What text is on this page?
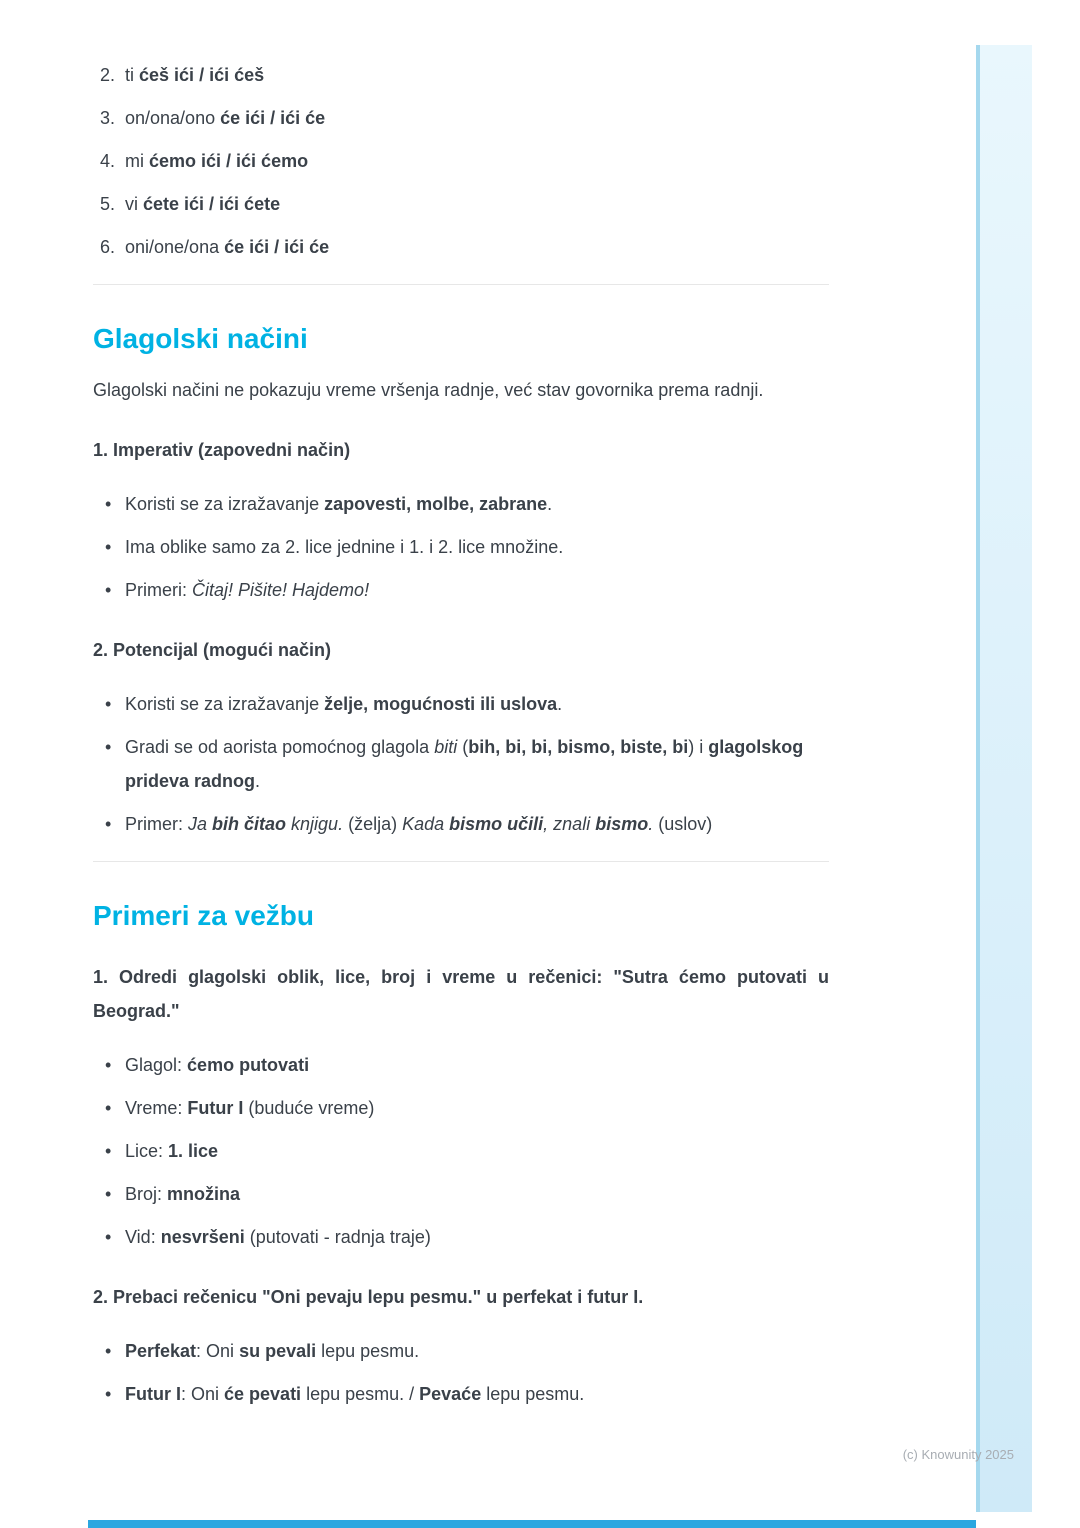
ti ćeš ići / ići ćeš
on/ona/ono će ići / ići će
mi ćemo ići / ići ćemo
vi ćete ići / ići ćete
oni/one/ona će ići / ići će
Glagolski načini

Glagolski načini ne pokazuju vreme vršenja radnje, već stav govornika prema radnji.

1. Imperativ (zapovedni način)

• Koristi se za izražavanje zapovesti, molbe, zabrane.
• Ima oblike samo za 2. lice jednine i 1. i 2. lice množine.
• Primeri: Čitaj! Pišite! Hajdemo!

2. Potencijal (mogući način)

• Koristi se za izražavanje želje, mogućnosti ili uslova.
• Gradi se od aorista pomoćnog glagola biti (bih, bi, bi, bismo, biste, bi) i glagolskog prideva radnog.
• Primer: Ja bih čitao knjigu. (želja) Kada bismo učili, znali bismo. (uslov)
Primeri za vežbu

1. Odredi glagolski oblik, lice, broj i vreme u rečenici: "Sutra ćemo putovati u Beograd."

• Glagol: ćemo putovati
• Vreme: Futur I (buduće vreme)
• Lice: 1. lice
• Broj: množina
• Vid: nesvršeni (putovati - radnja traje)

2. Prebaci rečenicu "Oni pevaju lepu pesmu." u perfekat i futur I.

• Perfekat: Oni su pevali lepu pesmu.
• Futur I: Oni će pevati lepu pesmu. / Pevaće lepu pesmu.
(c) Knowunity 2025
